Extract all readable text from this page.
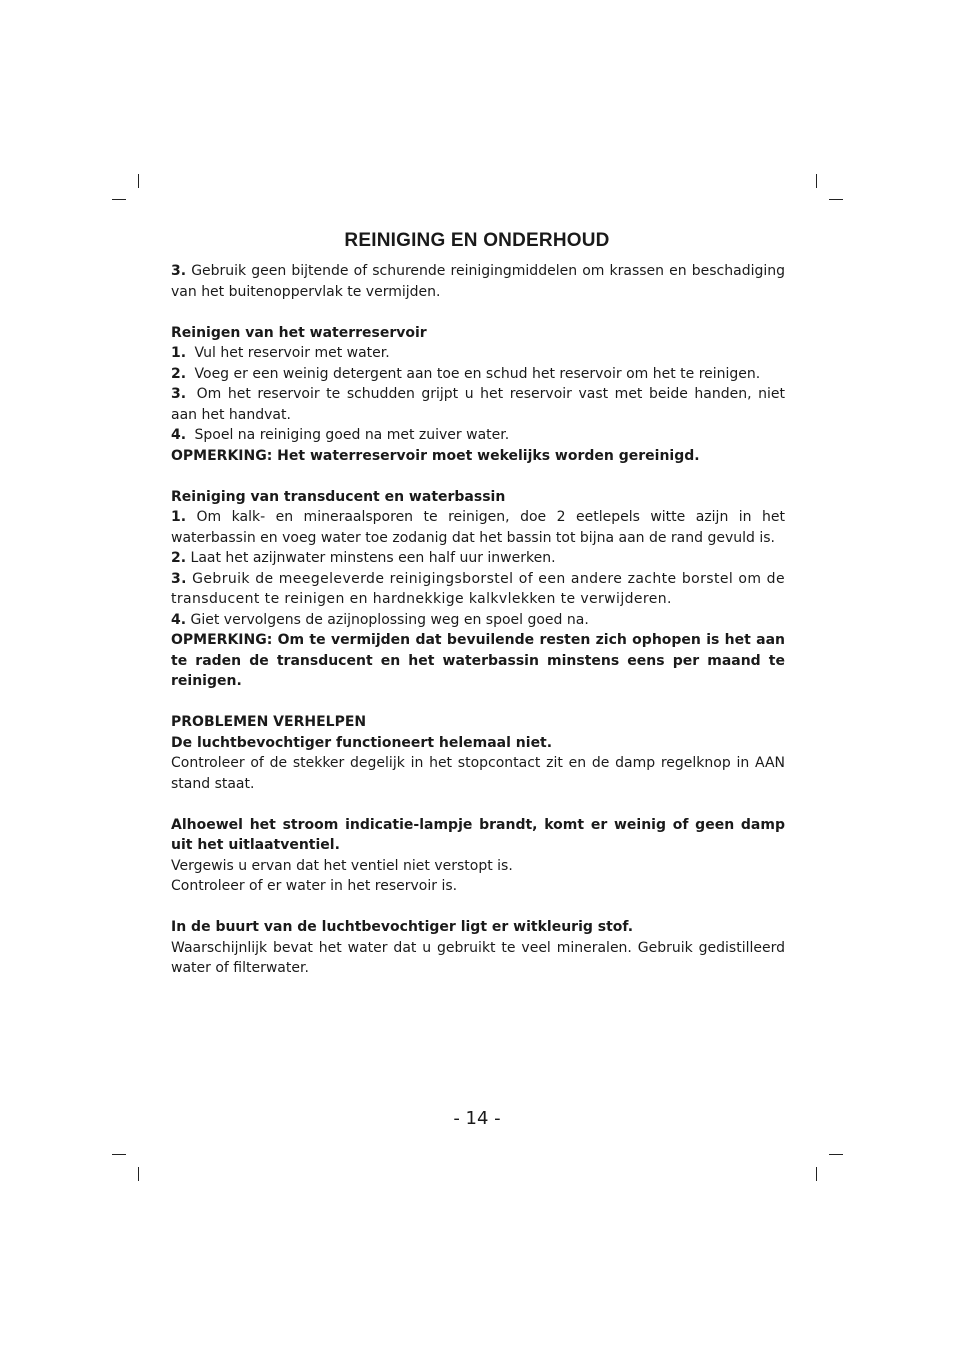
REINIGING EN ONDERHOUD

3. Gebruik geen bijtende of schurende reinigingmiddelen om krassen en beschadiging van het buitenoppervlak te vermijden.

Reinigen van het waterreservoir

1. Vul het reservoir met water.

2. Voeg er een weinig detergent aan toe en schud het reservoir om het te reinigen.

3. Om het reservoir te schudden grijpt u het reservoir vast met beide handen, niet aan het handvat.

4. Spoel na reiniging goed na met zuiver water.

OPMERKING: Het waterreservoir moet wekelijks worden gereinigd.

Reiniging van transducent en waterbassin

1. Om kalk- en mineraalsporen te reinigen, doe 2 eetlepels witte azijn in het waterbassin en voeg water toe zodanig dat het bassin tot bijna aan de rand gevuld is.

2. Laat het azijnwater minstens een half uur inwerken.

3. Gebruik de meegeleverde reinigingsborstel of een andere zachte borstel om de transducent te reinigen en hardnekkige kalkvlekken te verwijderen.

4. Giet vervolgens de azijnoplossing weg en spoel goed na.

OPMERKING: Om te vermijden dat bevuilende resten zich ophopen is het aan te raden de transducent en het waterbassin minstens eens per maand te reinigen.

PROBLEMEN VERHELPEN

De luchtbevochtiger functioneert helemaal niet.

Controleer of de stekker degelijk in het stopcontact zit en de damp regelknop in AAN stand staat.

Alhoewel het stroom indicatie-lampje brandt, komt er weinig of geen damp uit het uitlaatventiel.

Vergewis u ervan dat het ventiel niet verstopt is.

Controleer of er water in het reservoir is.

In de buurt van de luchtbevochtiger ligt er witkleurig stof.

Waarschijnlijk bevat het water dat u gebruikt te veel mineralen. Gebruik gedistilleerd water of filterwater.

- 14 -
